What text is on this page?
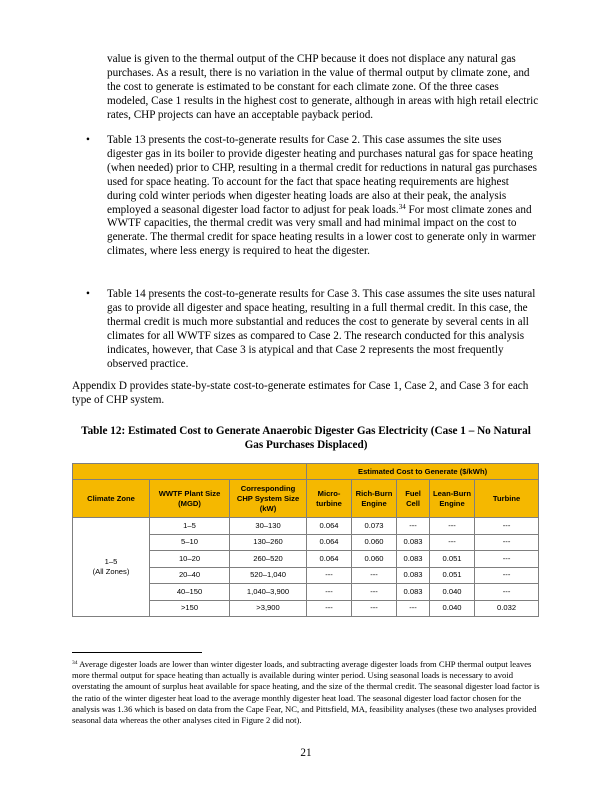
value is given to the thermal output of the CHP because it does not displace any natural gas purchases. As a result, there is no variation in the value of thermal output by climate zone, and the cost to generate is estimated to be constant for each climate zone. Of the three cases modeled, Case 1 results in the highest cost to generate, although in areas with high retail electric rates, CHP projects can have an acceptable payback period.

• Table 13 presents the cost-to-generate results for Case 2. This case assumes the site uses digester gas in its boiler to provide digester heating and purchases natural gas for space heating (when needed) prior to CHP, resulting in a thermal credit for reductions in natural gas purchases used for space heating. To account for the fact that space heating requirements are highest during cold winter periods when digester heating loads are also at their peak, the analysis employed a seasonal digester load factor to adjust for peak loads.$^{34}$ For most climate zones and WWTF capacities, the thermal credit was very small and had minimal impact on the cost to generate. The thermal credit for space heating results in a lower cost to generate only in warmer climates, where less energy is required to heat the digester.

• Table 14 presents the cost-to-generate results for Case 3. This case assumes the site uses natural gas to provide all digester and space heating, resulting in a full thermal credit. In this case, the thermal credit is much more substantial and reduces the cost to generate by several cents in all climates for all WWTF sizes as compared to Case 2. The research conducted for this analysis indicates, however, that Case 3 is atypical and that Case 2 represents the most frequently observed practice.

Appendix D provides state-by-state cost-to-generate estimates for Case 1, Case 2, and Case 3 for each type of CHP system.

Table 12: Estimated Cost to Generate Anaerobic Digester Gas Electricity (Case 1 – No Natural Gas Purchases Displaced)
			Estimated Cost to Generate ($/kWh)				
Climate Zone	WWTF Plant Size (MGD)	Corresponding CHP System Size (kW)	Micro-turbine	Rich-Burn Engine	Fuel Cell	Lean-Burn Engine	Turbine
1–5
(All Zones)	1–5	30–130	0.064	0.073	---	---	---
	5–10	130–260	0.064	0.060	0.083	---	---
	10–20	260–520	0.064	0.060	0.083	0.051	---
	20–40	520–1,040	---	---	0.083	0.051	---
	40–150	1,040–3,900	---	---	0.083	0.040	---
	>150	>3,900	---	---	---	0.040	0.032

$^{34}$ Average digester loads are lower than winter digester loads, and subtracting average digester loads from CHP thermal output leaves more thermal output for space heating than actually is available during winter period. Using seasonal loads is necessary to avoid overstating the amount of surplus heat available for space heating, and the size of the thermal credit. The seasonal digester load factor is the ratio of the winter digester heat load to the average monthly digester heat load. The seasonal digester load factor chosen for the analysis was 1.36 which is based on data from the Cape Fear, NC, and Pittsfield, MA, feasibility analyses (these two analyses provided seasonal data whereas the other analyses cited in Figure 2 did not).

21
